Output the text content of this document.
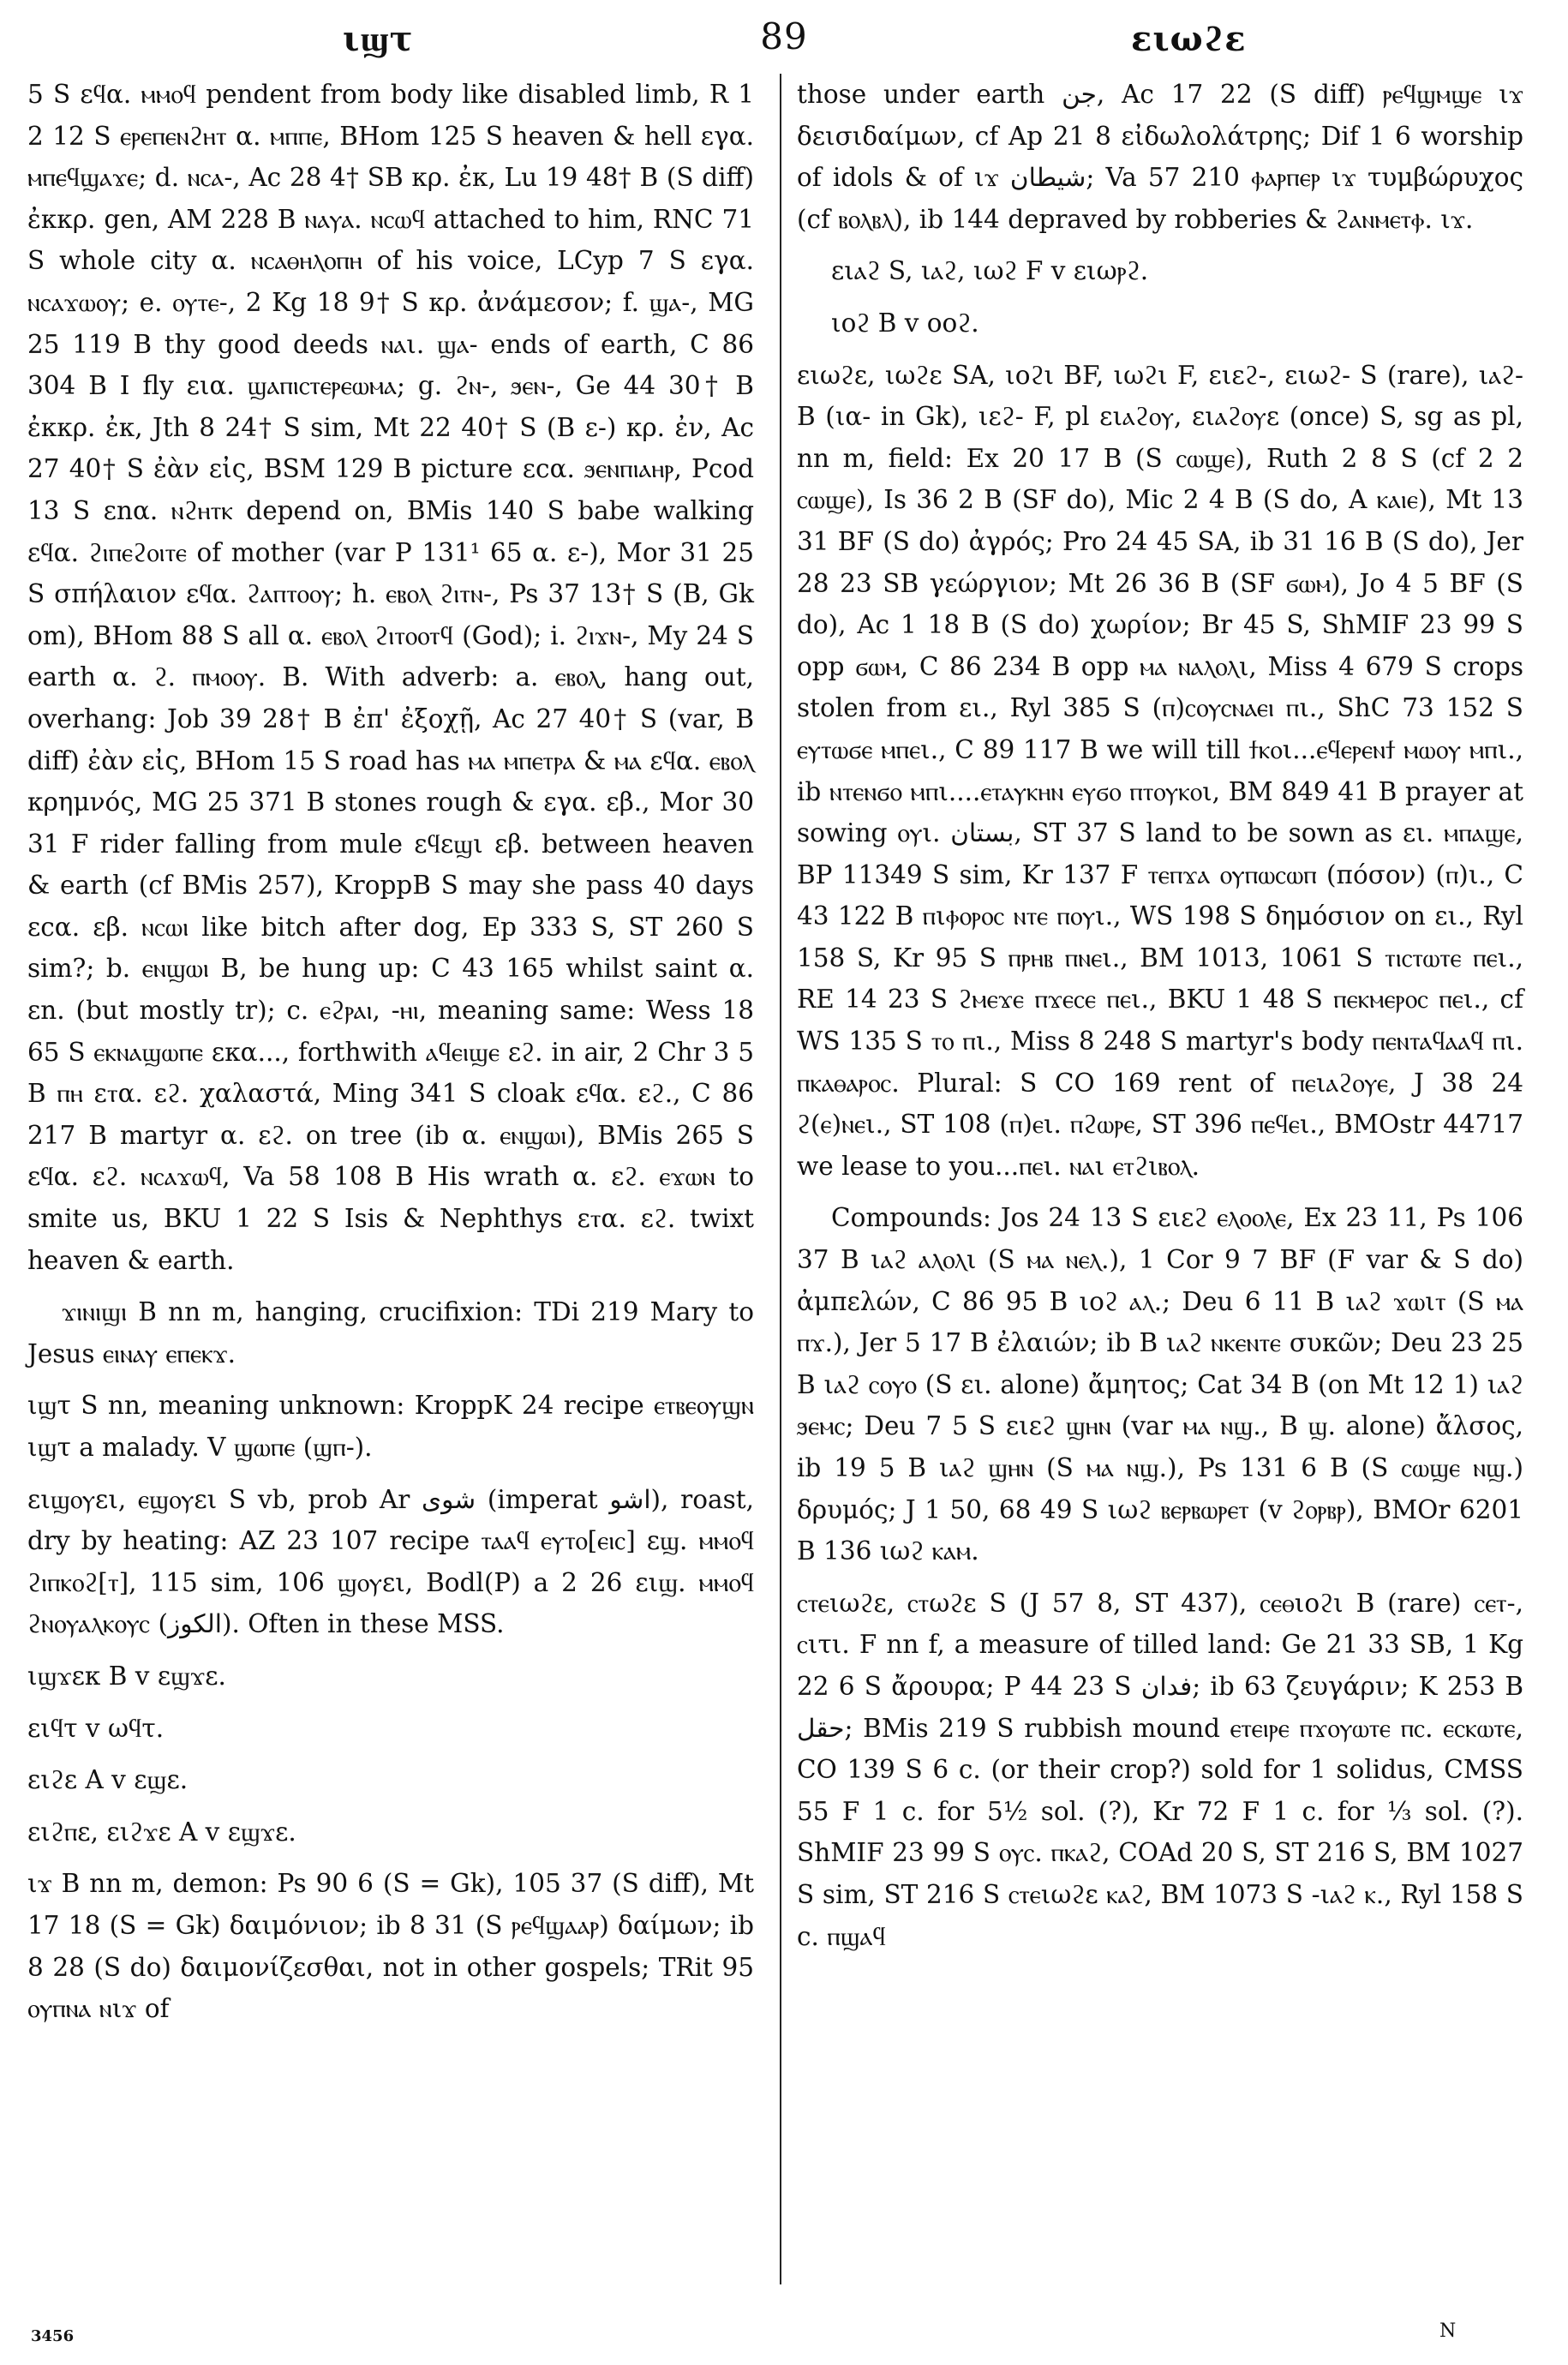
ιϣτ	89	ειωϩε

5 S εϥα. ⲙⲙⲟϥ pendent from body like disabled limb, R 1 2 12 S ⲉⲣⲉⲡⲉⲛϩⲏⲧ α. ⲙⲡⲡⲉ, BHom 125 S heaven & hell εγα. ⲙⲡⲉϥϣⲁϫⲉ; d. ⲛⲥⲁ-, Ac 28 4† SB κρ. ἐκ, Lu 19 48† B (S diff) ἐκκρ. gen, AM 228 B ⲛⲁⲩⲁ. ⲛⲥⲱϥ attached to him, RNC 71 S whole city α. ⲛⲥⲁⲑⲏⲗⲟⲡⲏ of his voice, LCyp 7 S εγα. ⲛⲥⲁϫⲱⲟⲩ; e. ⲟⲩⲧⲉ-, 2 Kg 18 9† S κρ. ἀνάμεσον; f. ϣⲁ-, MG 25 119 B thy good deeds ⲛⲁι. ϣⲁ- ends of earth, C 86 304 B I fly εια. ϣⲁⲡⲓⲥⲧⲉⲣⲉⲱⲙⲁ; g. ϩⲛ-, ϧⲉⲛ-, Ge 44 30† B ἐκκρ. ἐκ, Jth 8 24† S sim, Mt 22 40† S (B ε-) κρ. ἐν, Ac 27 40† S ἐὰν εἰς, BSM 129 B picture εcα. ϧⲉⲛⲡⲓⲁⲏⲣ, Pcod 13 S εnα. ⲛϩⲏⲧⲕ depend on, BMis 140 S babe walking εϥα. ϩⲓⲡⲉϩⲟⲓⲧⲉ of mother (var P 131¹ 65 α. ε-), Mor 31 25 S σπήλαιον εϥα. ϩⲁⲡⲧⲟⲟⲩ; h. ⲉⲃⲟⲗ ϩⲓⲧⲛ-, Ps 37 13† S (B, Gk om), BHom 88 S all α. ⲉⲃⲟⲗ ϩⲓⲧⲟⲟⲧϥ (God); i. ϩⲓϫⲛ-, My 24 S earth α. ϩ. ⲡⲙⲟⲟⲩ. B. With adverb: a. ⲉⲃⲟⲗ, hang out, overhang: Job 39 28† B ἐπ' ἐξοχῇ, Ac 27 40† S (var, B diff) ἐὰν εἰς, BHom 15 S road has ⲙⲁ ⲙⲡⲉⲧⲣⲁ & ⲙⲁ εϥα. ⲉⲃⲟⲗ κρημνός, MG 25 371 B stones rough & εγα. εβ., Mor 30 31 F rider falling from mule εϥεϣι εβ. between heaven & earth (cf BMis 257), KroppB S may she pass 40 days εcα. εβ. ⲛⲥⲱⲓ like bitch after dog, Ep 333 S, ST 260 S sim?; b. ⲉⲛϣⲱⲓ B, be hung up: C 43 165 whilst saint α. εn. (but mostly tr); c. ⲉϩⲣⲁⲓ, -ⲏⲓ, meaning same: Wess 18 65 S ⲉⲕⲛⲁϣⲱⲡⲉ εκα..., forthwith ⲁϥⲉⲓϣⲉ εϩ. in air, 2 Chr 3 5 B ⲡⲏ εⲧα. εϩ. χαλαστά, Ming 341 S cloak εϥα. εϩ., C 86 217 B martyr α. εϩ. on tree (ib α. ⲉⲛϣⲱⲓ), BMis 265 S εϥα. εϩ. ⲛⲥⲁϫⲱϥ, Va 58 108 B His wrath α. εϩ. ⲉϫⲱⲛ to smite us, BKU 1 22 S Isis & Nephthys εⲧα. εϩ. twixt heaven & earth.

ϫⲓⲛⲓϣⲓ B nn m, hanging, crucifixion: TDi 219 Mary to Jesus ⲉⲓⲛⲁⲩ ⲉⲡⲉⲕϫ.

ιϣτ S nn, meaning unknown: KroppK 24 recipe ⲉⲧⲃⲉⲟⲩϣⲛ ιϣτ a malady. V ϣⲱⲡⲉ (ϣⲡ-).

ειϣⲟⲩει, ⲉϣⲟⲩει S vb, prob Ar شوى (imperat اشو), roast, dry by heating: AZ 23 107 recipe ⲧⲁⲁϥ ⲉⲩⲧⲟ[ⲉⲓⲥ] εϣ. ⲙⲙⲟϥ ϩⲓⲡⲕⲟϩ[ⲧ], 115 sim, 106 ϣⲟⲩει, Bodl(P) a 2 26 ειϣ. ⲙⲙⲟϥ ϩⲛⲟⲩⲁⲗⲕⲟⲩⲥ (الكوز). Often in these MSS.

ιϣϫεκ B v εϣϫε.

ειϥτ v ωϥτ.

ειϩε A v εϣε.

ειϩⲡε, ειϩϫε A v εϣϫε.

ιϫ B nn m, demon: Ps 90 6 (S = Gk), 105 37 (S diff), Mt 17 18 (S = Gk) δαιμόνιον; ib 8 31 (S ⲣⲉϥϣⲁⲁⲣ) δαίμων; ib 8 28 (S do) δαιμονίζεσθαι, not in other gospels; TRit 95 ⲟⲩⲡⲛⲁ ⲛιϫ of

those under earth جن, Ac 17 22 (S diff) ⲣⲉϥϣⲙϣⲉ ιϫ δεισιδαίμων, cf Ap 21 8 εἰδωλολάτρης; Dif 1 6 worship of idols & of ιϫ شيطان; Va 57 210 ⲫⲁⲣⲡⲉⲣ ιϫ τυμβώρυχος (cf ⲃⲟⲗⲃⲗ), ib 144 depraved by robberies & ϩⲁⲛⲙⲉⲧⲫ. ιϫ.

ειⲁϩ S, ιⲁϩ, ιωϩ F v ειωⲣϩ.

ιοϩ B v οοϩ.

ειωϩε, ιωϩε SA, ιοϩι BF, ιωϩι F, ειεϩ-, ειωϩ- S (rare), ιⲁϩ- B (ια- in Gk), ιεϩ- F, pl ειⲁϩⲟⲩ, ειⲁϩⲟⲩε (once) S, sg as pl, nn m, field: Ex 20 17 B (S ⲥⲱϣⲉ), Ruth 2 8 S (cf 2 2 ⲥⲱϣⲉ), Is 36 2 B (SF do), Mic 2 4 B (S do, A ⲕⲁⲓⲉ), Mt 13 31 BF (S do) ἀγρός; Pro 24 45 SA, ib 31 16 B (S do), Jer 28 23 SB γεώργιον; Mt 26 36 B (SF ϭⲱⲙ), Jo 4 5 BF (S do), Ac 1 18 B (S do) χωρίον; Br 45 S, ShMIF 23 99 S opp ϭⲱⲙ, C 86 234 B opp ⲙⲁ ⲛⲁⲗⲟⲗι, Miss 4 679 S crops stolen from ει., Ryl 385 S (ⲡ)ⲥⲟⲩⲥⲛⲁⲉⲓ ⲡι., ShC 73 152 S ⲉⲩⲧⲱϭⲉ ⲙⲡⲉι., C 89 117 B we will till ϯⲕⲟι...ⲉϥⲉⲣⲉⲛϯ ⲙⲱⲟⲩ ⲙⲡι., ib ⲛⲧⲉⲛϭⲟ ⲙⲡι....ⲉⲧⲁⲩⲕⲏⲛ ⲉⲩϭⲟ ⲡⲧⲟⲩⲕⲟι, BM 849 41 B prayer at sowing ⲟⲩι. بستان, ST 37 S land to be sown as ει. ⲙⲡⲁϣⲉ, BP 11349 S sim, Kr 137 F ⲧⲉⲡϫⲁ ⲟⲩⲡⲱⲥⲱⲡ (πόσον) (ⲡ)ι., C 43 122 B ⲡιⲫⲟⲣⲟⲥ ⲛⲧⲉ ⲡⲟⲩι., WS 198 S δημόσιον on ει., Ryl 158 S, Kr 95 S ⲡⲣⲏⲃ ⲡⲛⲉι., BM 1013, 1061 S ⲧⲓⲥⲧⲱⲧⲉ ⲡⲉι., RE 14 23 S ϩⲙⲉϫⲉ ⲡϫⲉⲥⲉ ⲡⲉι., BKU 1 48 S ⲡⲉⲕⲙⲉⲣⲟⲥ ⲡⲉι., cf WS 135 S ⲧⲟ ⲡι., Miss 8 248 S martyr's body ⲡⲉⲛⲧⲁϥⲁⲁϥ ⲡι. ⲡⲕⲁⲑⲁⲣⲟⲥ. Plural: S CO 169 rent of ⲡⲉιⲁϩⲟⲩⲉ, J 38 24 ϩ(ⲉ)ⲛⲉι., ST 108 (ⲡ)ⲉι. ⲡϩⲱⲣⲉ, ST 396 ⲡⲉϥⲉι., BMOstr 44717 we lease to you...ⲡⲉι. ⲛⲁι ⲉⲧϩιⲃⲟⲗ.

Compounds: Jos 24 13 S ειεϩ ⲉⲗⲟⲟⲗⲉ, Ex 23 11, Ps 106 37 B ιⲁϩ ⲁⲗⲟⲗι (S ⲙⲁ ⲛⲉⲗ.), 1 Cor 9 7 BF (F var & S do) ἀμπελών, C 86 95 B ιοϩ ⲁⲗ.; Deu 6 11 B ιⲁϩ ϫⲱιⲧ (S ⲙⲁ ⲡϫ.), Jer 5 17 B ἐλαιών; ib B ιⲁϩ ⲛⲕⲉⲛⲧⲉ συκῶν; Deu 23 25 B ιⲁϩ ⲥⲟⲩⲟ (S ει. alone) ἄμητος; Cat 34 B (on Mt 12 1) ιⲁϩ ϧⲉⲙⲥ; Deu 7 5 S ειεϩ ϣⲏⲛ (var ⲙⲁ ⲛϣ., B ϣ. alone) ἄλσος, ib 19 5 B ιⲁϩ ϣⲏⲛ (S ⲙⲁ ⲛϣ.), Ps 131 6 B (S ⲥⲱϣⲉ ⲛϣ.) δρυμός; J 1 50, 68 49 S ιωϩ ⲃⲉⲣⲃⲱⲣⲉⲧ (v ϩⲟⲣⲃⲣ), BMOr 6201 B 136 ιωϩ ⲕⲁⲙ.

ⲥⲧⲉιωϩε, ⲥⲧωϩε S (J 57 8, ST 437), ⲥⲉⲑιοϩι B (rare) ⲥⲉⲧ-, ⲥιτι. F nn f, a measure of tilled land: Ge 21 33 SB, 1 Kg 22 6 S ἄρουρα; P 44 23 S فدان; ib 63 ζευγάριν; K 253 B حقل; BMis 219 S rubbish mound ⲉⲧⲉⲓⲣⲉ ⲡϫⲟⲩⲱⲧⲉ ⲡⲥ. ⲉⲥⲕⲱⲧⲉ, CO 139 S 6 c. (or their crop?) sold for 1 solidus, CMSS 55 F 1 c. for 5½ sol. (?), Kr 72 F 1 c. for ⅓ sol. (?). ShMIF 23 99 S ⲟⲩⲥ. ⲡⲕⲁϩ, COAd 20 S, ST 216 S, BM 1027 S sim, ST 216 S ⲥⲧⲉιωϩε ⲕⲁϩ, BM 1073 S -ιⲁϩ ⲕ., Ryl 158 S c. ⲡϣⲁϥ

3456	N
